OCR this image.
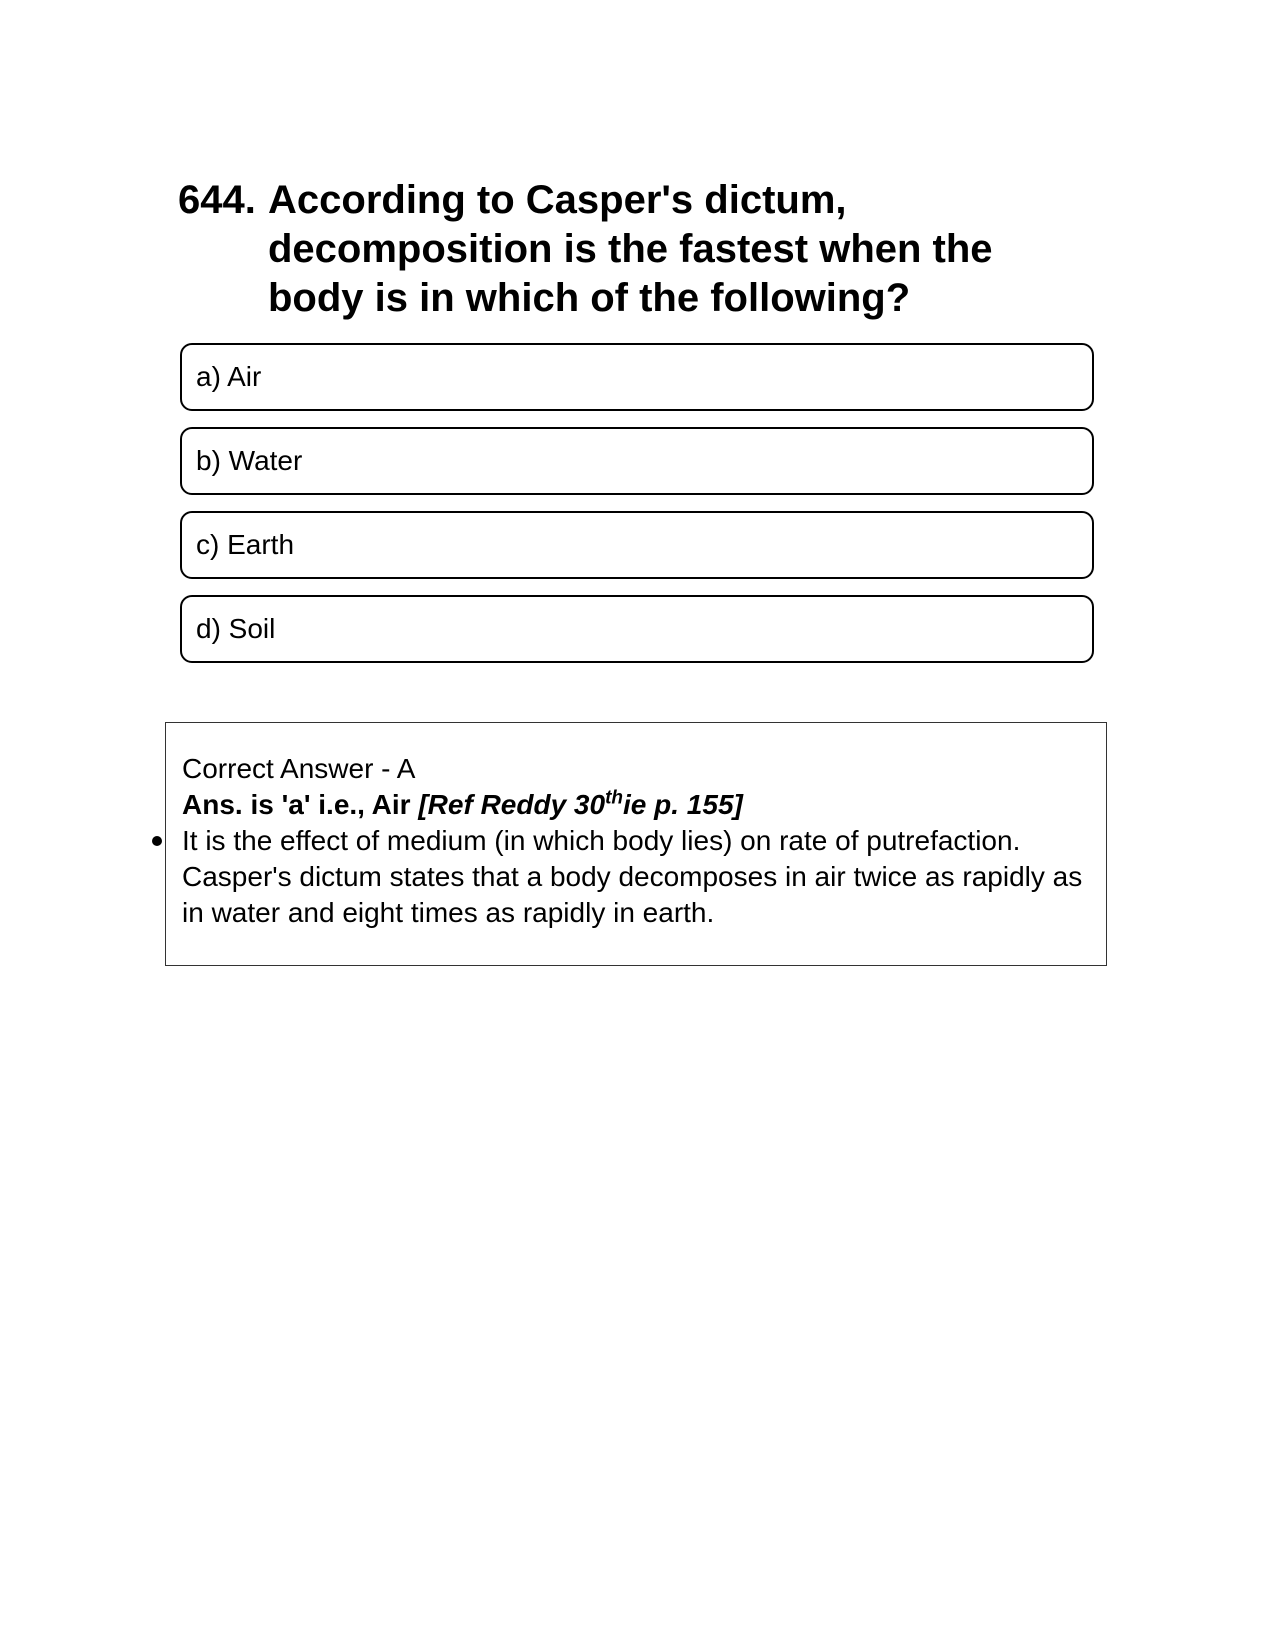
644. According to Casper's dictum, decomposition is the fastest when the body is in which of the following?
a) Air
b) Water
c) Earth
d) Soil
Correct Answer - A
Ans. is 'a' i.e., Air [Ref Reddy 30thie p. 155]
It is the effect of medium (in which body lies) on rate of putrefaction. Casper's dictum states that a body decomposes in air twice as rapidly as in water and eight times as rapidly in earth.
